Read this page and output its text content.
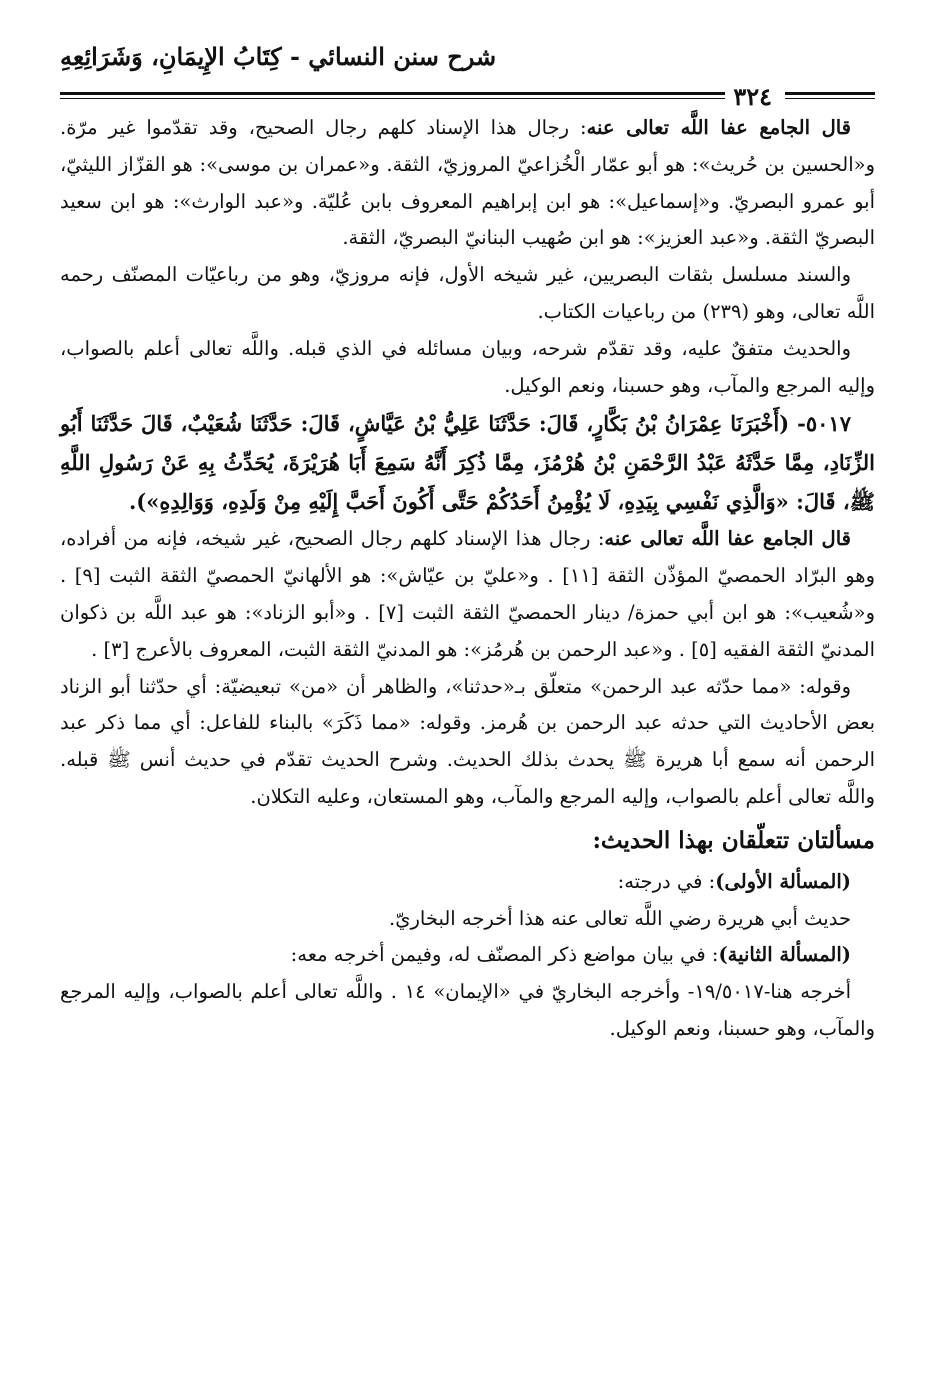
شرح سنن النسائي - كِتَابُ الإِيمَانِ، وَشَرَائِعِهِ
٣٢٤

قال الجامع عفا اللَّه تعالى عنه: رجال هذا الإسناد كلهم رجال الصحيح، وقد تقدّموا غير مرّة. و«الحسين بن حُريث»: هو أبو عمّار الْخُزاعيّ المروزيّ، الثقة. و«عمران بن موسى»: هو القزّاز الليثيّ، أبو عمرو البصريّ. و«إسماعيل»: هو ابن إبراهيم المعروف بابن عُليّة. و«عبد الوارث»: هو ابن سعيد البصريّ الثقة. و«عبد العزيز»: هو ابن صُهيب البنانيّ البصريّ، الثقة.

والسند مسلسل بثقات البصريين، غير شيخه الأول، فإنه مروزيّ، وهو من رباعيّات المصنّف رحمه اللَّه تعالى، وهو (٢٣٩) من رباعيات الكتاب.

والحديث متفقٌ عليه، وقد تقدّم شرحه، وبيان مسائله في الذي قبله. واللَّه تعالى أعلم بالصواب، وإليه المرجع والمآب، وهو حسبنا، ونعم الوكيل.

٥٠١٧- (أَخْبَرَنَا عِمْرَانُ بْنُ بَكَّارٍ، قَالَ: حَدَّثَنَا عَلِيُّ بْنُ عَيَّاشٍ، قَالَ: حَدَّثَنَا شُعَيْبٌ، قَالَ حَدَّثَنَا أَبُو الزِّنَادِ، مِمَّا حَدَّثَهُ عَبْدُ الرَّحْمَنِ بْنُ هُرْمُزَ، مِمَّا ذُكِرَ أَنَّهُ سَمِعَ أَبَا هُرَيْرَةَ، يُحَدِّثُ بِهِ عَنْ رَسُولِ اللَّهِ ﷺ، قَالَ: «وَالَّذِي نَفْسِي بِيَدِهِ، لَا يُؤْمِنُ أَحَدُكُمْ حَتَّى أَكُونَ أَحَبَّ إِلَيْهِ مِنْ وَلَدِهِ، وَوَالِدِهِ»).

قال الجامع عفا اللَّه تعالى عنه: رجال هذا الإسناد كلهم رجال الصحيح، غير شيخه، فإنه من أفراده، وهو البرّاد الحمصيّ المؤذّن الثقة [١١] . و«عليّ بن عيّاش»: هو الألهانيّ الحمصيّ الثقة الثبت [٩] . و«شُعيب»: هو ابن أبي حمزة/ دينار الحمصيّ الثقة الثبت [٧] . و«أبو الزناد»: هو عبد اللَّه بن ذكوان المدنيّ الثقة الفقيه [٥] . و«عبد الرحمن بن هُرمُز»: هو المدنيّ الثقة الثبت، المعروف بالأعرج [٣] .

وقوله: «مما حدّثه عبد الرحمن» متعلّق بـ«حدثنا»، والظاهر أن «من» تبعيضيّة: أي حدّثنا أبو الزناد بعض الأحاديث التي حدثه عبد الرحمن بن هُرمز. وقوله: «مما ذَكَرَ» بالبناء للفاعل: أي مما ذكر عبد الرحمن أنه سمع أبا هريرة ﷺ يحدث بذلك الحديث. وشرح الحديث تقدّم في حديث أنس ﷺ قبله. واللَّه تعالى أعلم بالصواب، وإليه المرجع والمآب، وهو المستعان، وعليه التكلان.

مسألتان تتعلّقان بهذا الحديث:

(المسألة الأولى): في درجته:

حديث أبي هريرة رضي اللَّه تعالى عنه هذا أخرجه البخاريّ.

(المسألة الثانية): في بيان مواضع ذكر المصنّف له، وفيمن أخرجه معه:

أخرجه هنا-١٩/٥٠١٧- وأخرجه البخاريّ في «الإيمان» ١٤ . واللَّه تعالى أعلم بالصواب، وإليه المرجع والمآب، وهو حسبنا، ونعم الوكيل.
